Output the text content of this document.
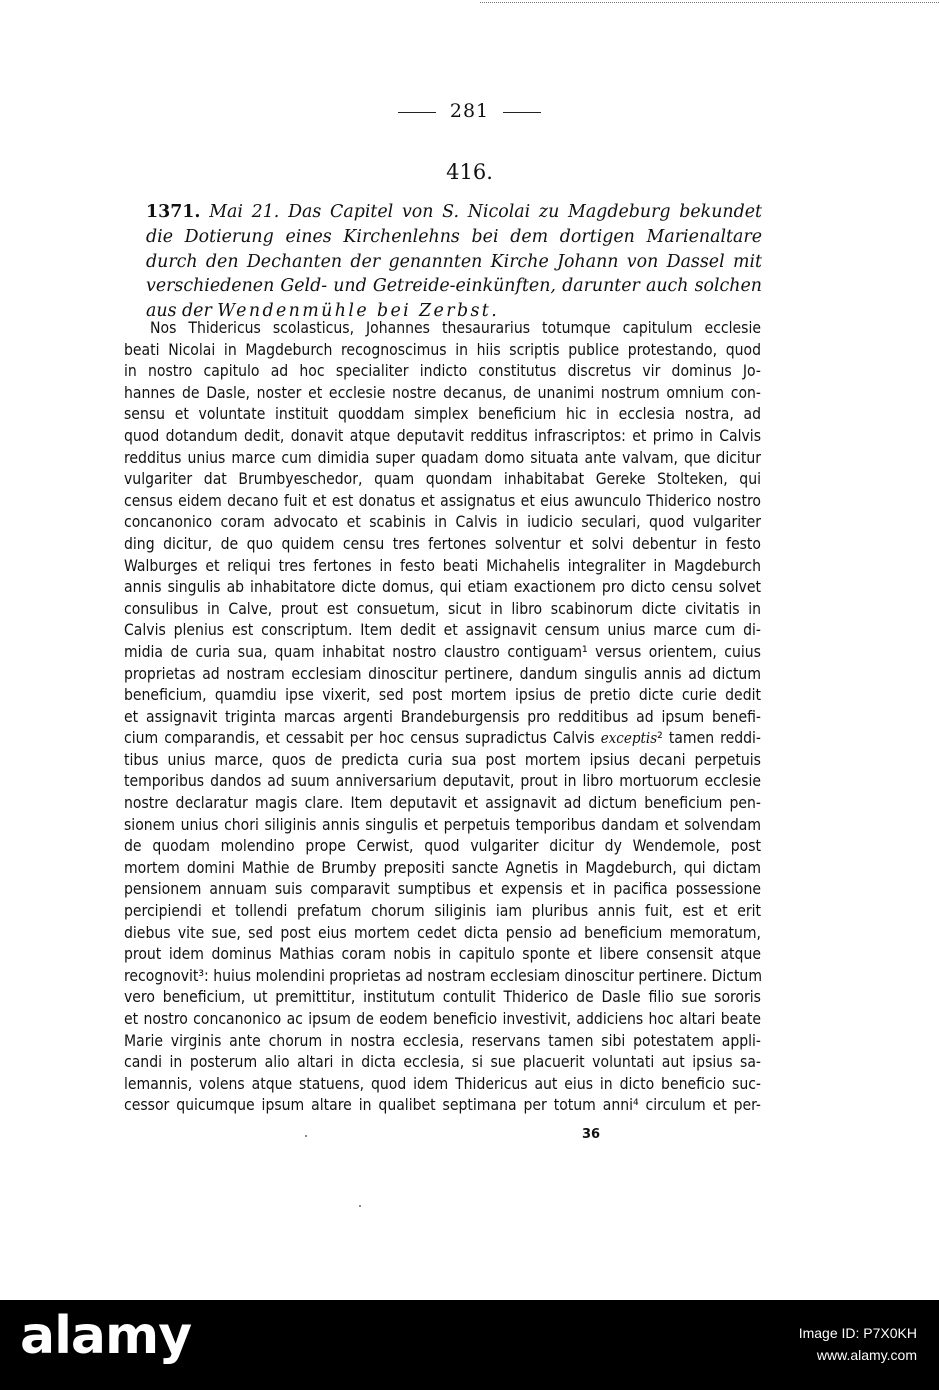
281
416.
1371. Mai 21. Das Capitel von S. Nicolai zu Magdeburg bekundet die Dotierung eines Kirchenlehns bei dem dortigen Marienaltare durch den Dechanten der genannten Kirche Johann von Dassel mit verschiedenen Geld- und Getreide-einkünften, darunter auch solchen aus der Wendenmühle bei Zerbst.
Nos Thidericus scolasticus, Johannes thesaurarius totumque capitulum ecclesie
beati Nicolai in Magdeburch recognoscimus in hiis scriptis publice protestando, quod
in nostro capitulo ad hoc specialiter indicto constitutus discretus vir dominus Jo-
hannes de Dasle, noster et ecclesie nostre decanus, de unanimi nostrum omnium con-
sensu et voluntate instituit quoddam simplex beneficium hic in ecclesia nostra, ad
quod dotandum dedit, donavit atque deputavit redditus infrascriptos: et primo in Calvis
redditus unius marce cum dimidia super quadam domo situata ante valvam, que dicitur
vulgariter dat Brumbyeschedor, quam quondam inhabitabat Gereke Stolteken, qui
census eidem decano fuit et est donatus et assignatus et eius awunculo Thiderico nostro
concanonico coram advocato et scabinis in Calvis in iudicio seculari, quod vulgariter
ding dicitur, de quo quidem censu tres fertones solventur et solvi debentur in festo
Walburges et reliqui tres fertones in festo beati Michahelis integraliter in Magdeburch
annis singulis ab inhabitatore dicte domus, qui etiam exactionem pro dicto censu solvet
consulibus in Calve, prout est consuetum, sicut in libro scabinorum dicte civitatis in
Calvis plenius est conscriptum. Item dedit et assignavit censum unius marce cum di-
midia de curia sua, quam inhabitat nostro claustro contiguam¹ versus orientem, cuius
proprietas ad nostram ecclesiam dinoscitur pertinere, dandum singulis annis ad dictum
beneficium, quamdiu ipse vixerit, sed post mortem ipsius de pretio dicte curie dedit
et assignavit triginta marcas argenti Brandeburgensis pro redditibus ad ipsum benefi-
cium comparandis, et cessabit per hoc census supradictus Calvis exceptis² tamen reddi-
tibus unius marce, quos de predicta curia sua post mortem ipsius decani perpetuis
temporibus dandos ad suum anniversarium deputavit, prout in libro mortuorum ecclesie
nostre declaratur magis clare. Item deputavit et assignavit ad dictum beneficium pen-
sionem unius chori siliginis annis singulis et perpetuis temporibus dandam et solvendam
de quodam molendino prope Cerwist, quod vulgariter dicitur dy Wendemole, post
mortem domini Mathie de Brumby prepositi sancte Agnetis in Magdeburch, qui dictam
pensionem annuam suis comparavit sumptibus et expensis et in pacifica possessione
percipiendi et tollendi prefatum chorum siliginis iam pluribus annis fuit, est et erit
diebus vite sue, sed post eius mortem cedet dicta pensio ad beneficium memoratum,
prout idem dominus Mathias coram nobis in capitulo sponte et libere consensit atque
recognovit³: huius molendini proprietas ad nostram ecclesiam dinoscitur pertinere. Dictum
vero beneficium, ut premittitur, institutum contulit Thiderico de Dasle filio sue sororis
et nostro concanonico ac ipsum de eodem beneficio investivit, addiciens hoc altari beate
Marie virginis ante chorum in nostra ecclesia, reservans tamen sibi potestatem appli-
candi in posterum alio altari in dicta ecclesia, si sue placuerit voluntati aut ipsius sa-
lemannis, volens atque statuens, quod idem Thidericus aut eius in dicto beneficio suc-
cessor quicumque ipsum altare in qualibet septimana per totum anni⁴ circulum et per-
36
alamy	Image ID: P7X0KH
www.alamy.com
